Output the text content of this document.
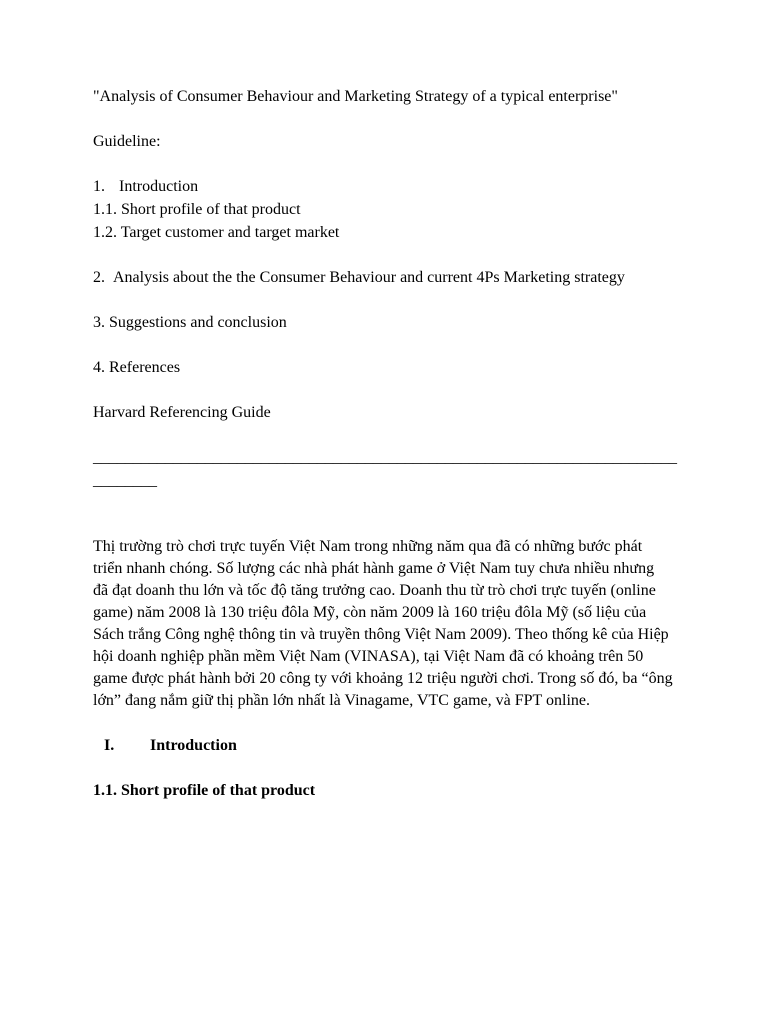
"Analysis of Consumer Behaviour and Marketing Strategy of a typical enterprise"

Guideline:

1. Introduction

1.1. Short profile of that product

1.2. Target customer and target market

2. Analysis about the the Consumer Behaviour and current 4Ps Marketing strategy

3. Suggestions and conclusion

4. References

Harvard Referencing Guide

_________________________________________________________________________________

Thị trường trò chơi trực tuyến Việt Nam trong những năm qua đã có những bước phát triển nhanh chóng. Số lượng các nhà phát hành game ở Việt Nam tuy chưa nhiều nhưng đã đạt doanh thu lớn và tốc độ tăng trưởng cao. Doanh thu từ trò chơi trực tuyến (online game) năm 2008 là 130 triệu đôla Mỹ, còn năm 2009 là 160 triệu đôla Mỹ (số liệu của Sách trắng Công nghệ thông tin và truyền thông Việt Nam 2009). Theo thống kê của Hiệp hội doanh nghiệp phần mềm Việt Nam (VINASA), tại Việt Nam đã có khoảng trên 50 game được phát hành bởi 20 công ty với khoảng 12 triệu người chơi. Trong số đó, ba “ông lớn” đang nắm giữ thị phần lớn nhất là Vinagame, VTC game, và FPT online.

I. Introduction

1.1. Short profile of that product
